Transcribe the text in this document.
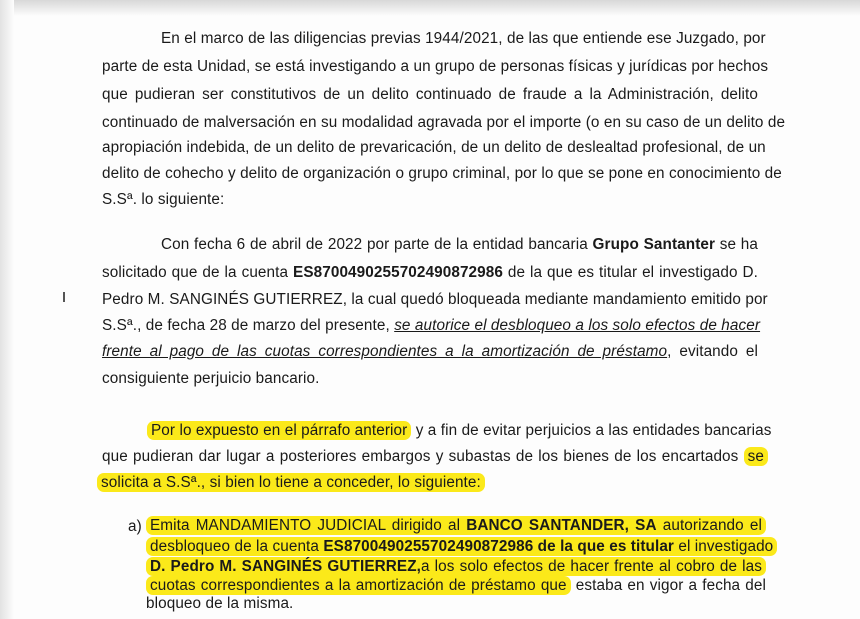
En el marco de las diligencias previas 1944/2021, de las que entiende ese Juzgado, por
parte de esta Unidad, se está investigando a un grupo de personas físicas y jurídicas por hechos
que pudieran ser constitutivos de un delito continuado de fraude a la Administración, delito
continuado de malversación en su modalidad agravada por el importe (o en su caso de un delito de
apropiación indebida, de un delito de prevaricación, de un delito de deslealtad profesional, de un
delito de cohecho y delito de organización o grupo criminal, por lo que se pone en conocimiento de
S.Sª. lo siguiente:
Con fecha 6 de abril de 2022 por parte de la entidad bancaria Grupo Santanter se ha
solicitado que de la cuenta ES8700490255702490872986 de la que es titular el investigado D.
Pedro M. SANGINÉS GUTIERREZ, la cual quedó bloqueada mediante mandamiento emitido por
S.Sª., de fecha 28 de marzo del presente, se autorice el desbloqueo a los solo efectos de hacer
frente al pago de las cuotas correspondientes a la amortización de préstamo, evitando el
consiguiente perjuicio bancario.
Por lo expuesto en el párrafo anterior y a fin de evitar perjuicios a las entidades bancarias
que pudieran dar lugar a posteriores embargos y subastas de los bienes de los encartados se
solicita a S.Sª., si bien lo tiene a conceder, lo siguiente:
a) Emita MANDAMIENTO JUDICIAL dirigido al BANCO SANTANDER, SA autorizando el
desbloqueo de la cuenta ES8700490255702490872986 de la que es titular el investigado
D. Pedro M. SANGINÉS GUTIERREZ,a los solo efectos de hacer frente al cobro de las
cuotas correspondientes a la amortización de préstamo que estaba en vigor a fecha del
bloqueo de la misma.
